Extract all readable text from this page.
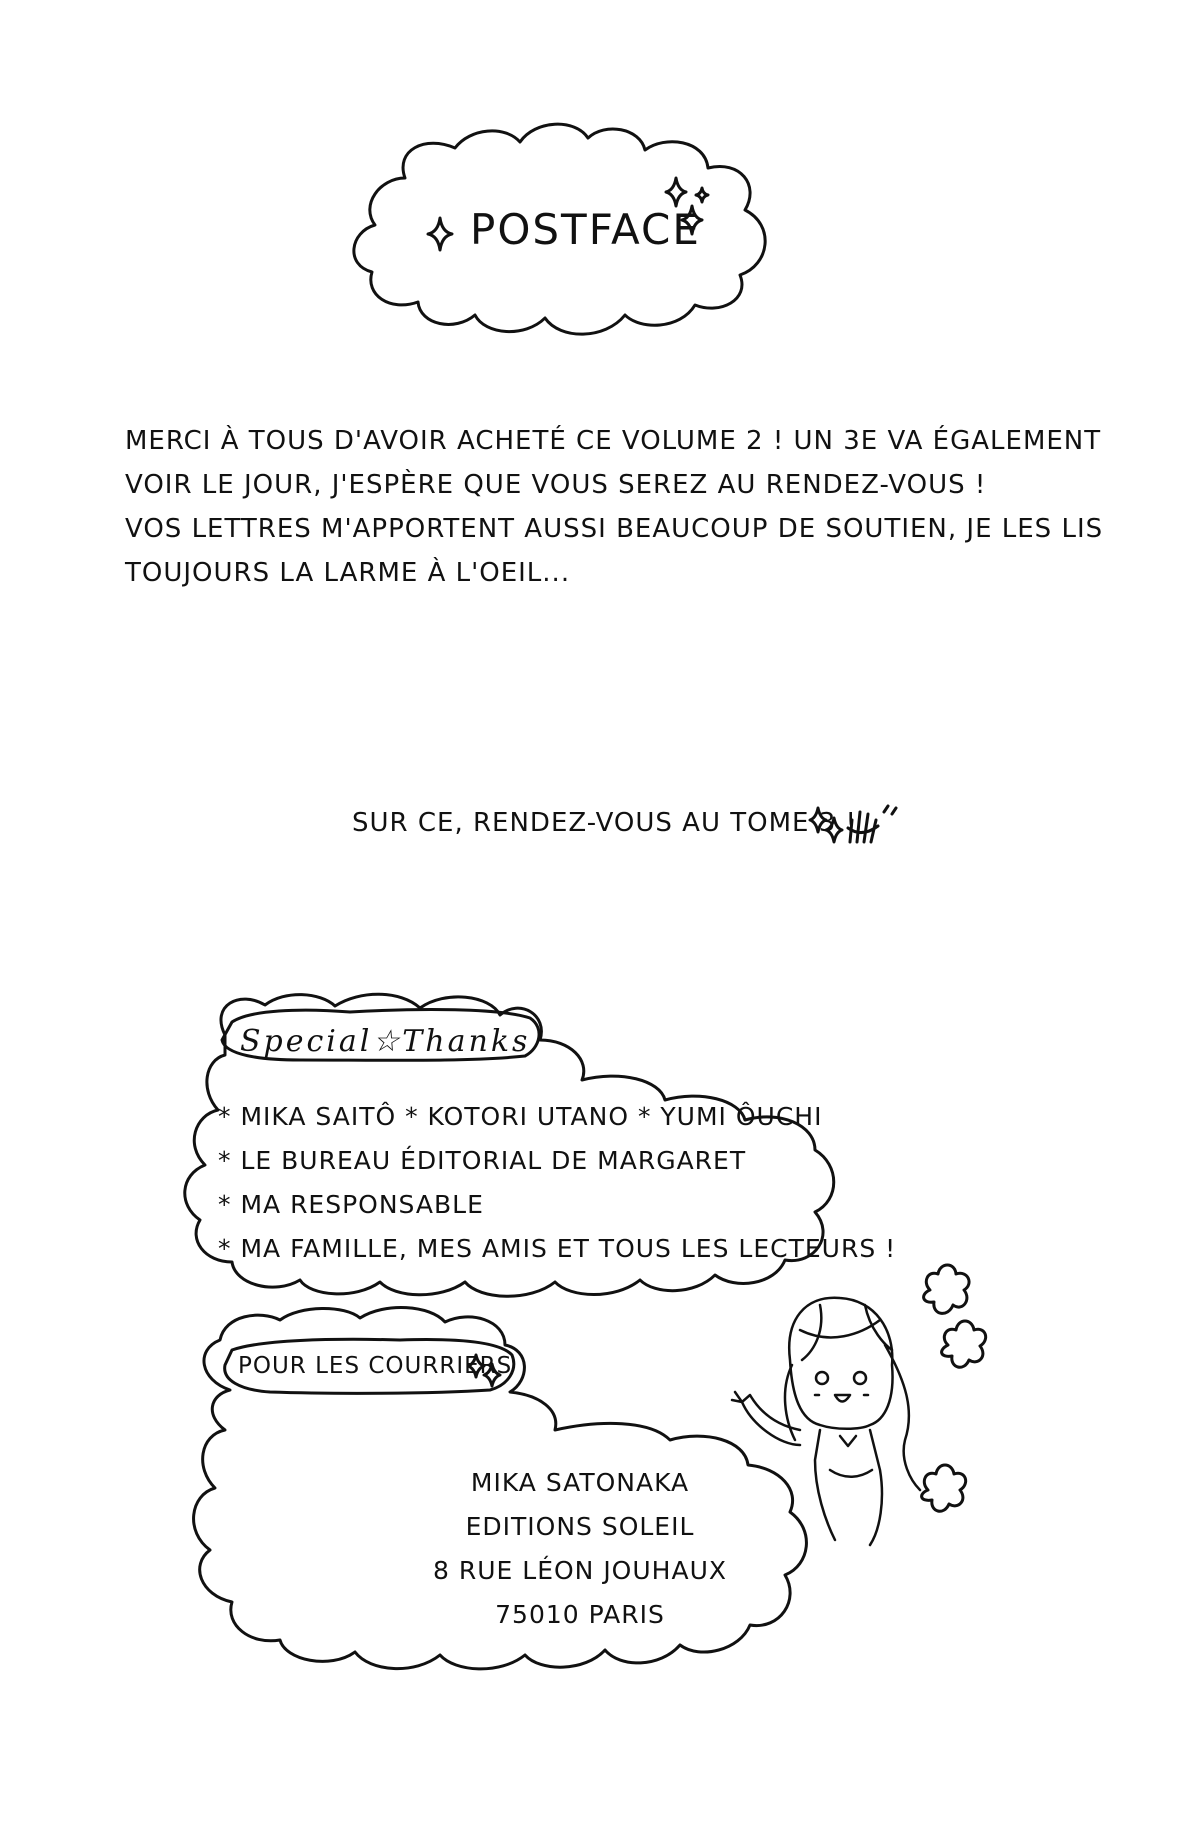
POSTFACE
MERCI À TOUS D'AVOIR ACHETÉ CE VOLUME 2 ! UN 3E VA ÉGALEMENT
VOIR LE JOUR, J'ESPÈRE QUE VOUS SEREZ AU RENDEZ-VOUS !
VOS LETTRES M'APPORTENT AUSSI BEAUCOUP DE SOUTIEN, JE LES LIS
TOUJOURS LA LARME À L'OEIL...
SUR CE, RENDEZ-VOUS AU TOME 3 !
Special☆Thanks
* MIKA SAITÔ * KOTORI UTANO * YUMI ÔUCHI
* LE BUREAU ÉDITORIAL DE MARGARET
* MA RESPONSABLE
* MA FAMILLE, MES AMIS ET TOUS LES LECTEURS !
POUR LES COURRIERS
MIKA SATONAKA
EDITIONS SOLEIL
8 RUE LÉON JOUHAUX
75010 PARIS
